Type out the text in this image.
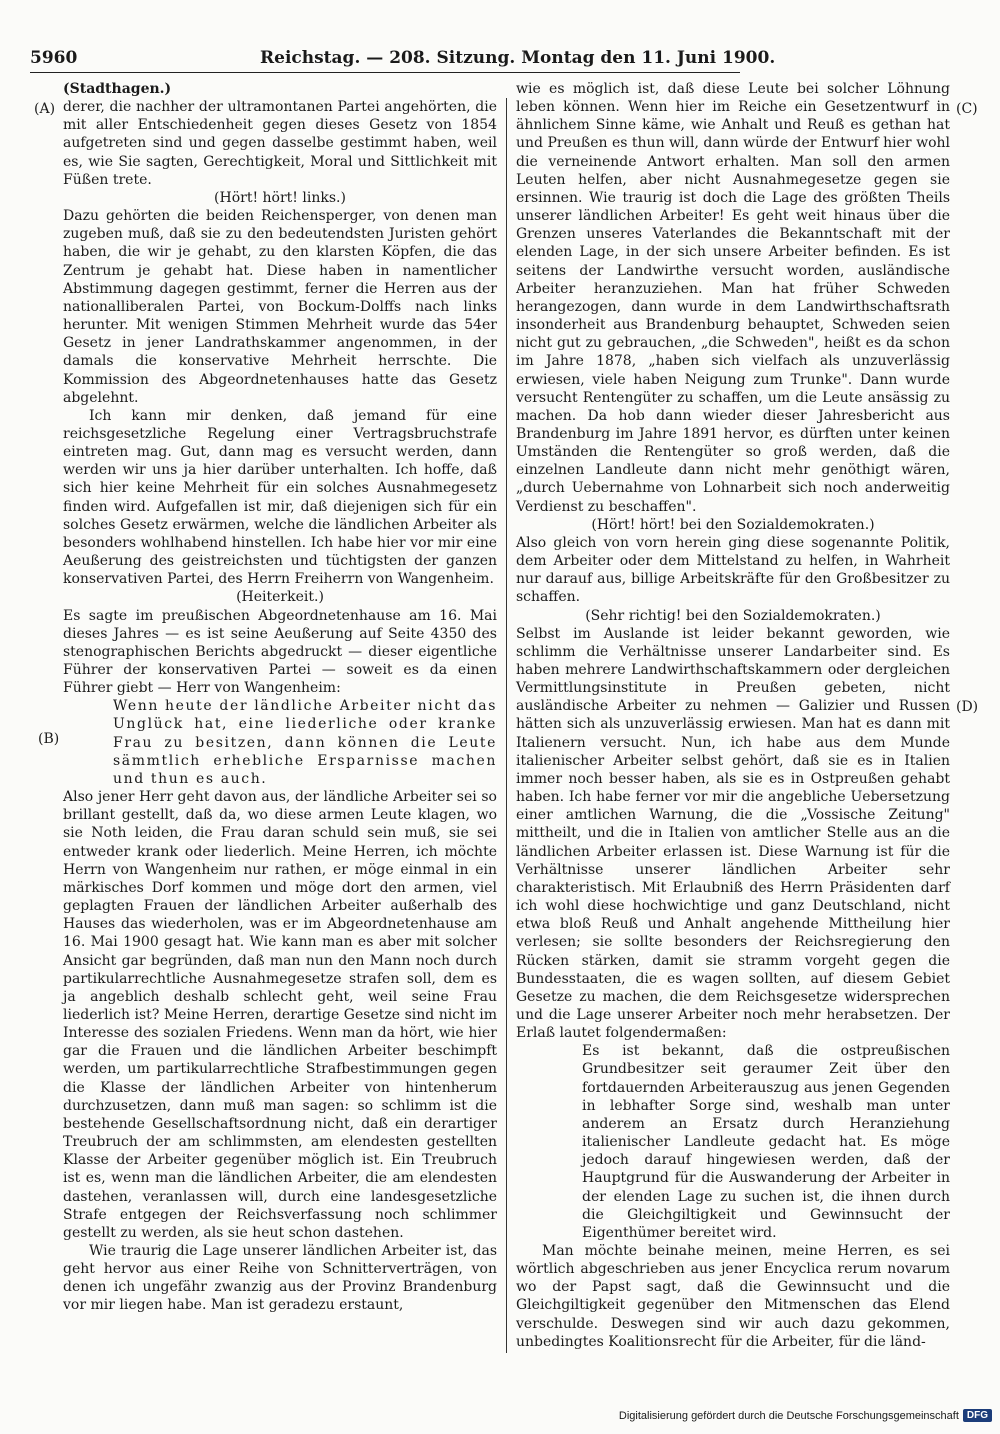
5960	Reichstag. — 208. Sitzung. Montag den 11. Juni 1900.
(A)
(B)
(C)
(D)

(Stadthagen.)

derer, die nachher der ultramontanen Partei angehörten, die mit aller Entschiedenheit gegen dieses Gesetz von 1854 aufgetreten sind und gegen dasselbe gestimmt haben, weil es, wie Sie sagten, Gerechtigkeit, Moral und Sittlichkeit mit Füßen trete.

(Hört! hört! links.)

Dazu gehörten die beiden Reichensperger, von denen man zugeben muß, daß sie zu den bedeutendsten Juristen gehört haben, die wir je gehabt, zu den klarsten Köpfen, die das Zentrum je gehabt hat. Diese haben in namentlicher Abstimmung dagegen gestimmt, ferner die Herren aus der nationalliberalen Partei, von Bockum-Dolffs nach links herunter. Mit wenigen Stimmen Mehrheit wurde das 54er Gesetz in jener Landrathskammer angenommen, in der damals die konservative Mehrheit herrschte. Die Kommission des Abgeordnetenhauses hatte das Gesetz abgelehnt.

Ich kann mir denken, daß jemand für eine reichsgesetzliche Regelung einer Vertragsbruchstrafe eintreten mag. Gut, dann mag es versucht werden, dann werden wir uns ja hier darüber unterhalten. Ich hoffe, daß sich hier keine Mehrheit für ein solches Ausnahmegesetz finden wird. Aufgefallen ist mir, daß diejenigen sich für ein solches Gesetz erwärmen, welche die ländlichen Arbeiter als besonders wohlhabend hinstellen. Ich habe hier vor mir eine Aeußerung des geistreichsten und tüchtigsten der ganzen konservativen Partei, des Herrn Freiherrn von Wangenheim.

(Heiterkeit.)

Es sagte im preußischen Abgeordnetenhause am 16. Mai dieses Jahres — es ist seine Aeußerung auf Seite 4350 des stenographischen Berichts abgedruckt — dieser eigentliche Führer der konservativen Partei — soweit es da einen Führer giebt — Herr von Wangenheim:

Wenn heute der ländliche Arbeiter nicht das Unglück hat, eine liederliche oder kranke Frau zu besitzen, dann können die Leute sämmtlich erhebliche Ersparnisse machen und thun es auch.

Also jener Herr geht davon aus, der ländliche Arbeiter sei so brillant gestellt, daß da, wo diese armen Leute klagen, wo sie Noth leiden, die Frau daran schuld sein muß, sie sei entweder krank oder liederlich. Meine Herren, ich möchte Herrn von Wangenheim nur rathen, er möge einmal in ein märkisches Dorf kommen und möge dort den armen, viel geplagten Frauen der ländlichen Arbeiter außerhalb des Hauses das wiederholen, was er im Abgeordnetenhause am 16. Mai 1900 gesagt hat. Wie kann man es aber mit solcher Ansicht gar begründen, daß man nun den Mann noch durch partikularrechtliche Ausnahmegesetze strafen soll, dem es ja angeblich deshalb schlecht geht, weil seine Frau liederlich ist? Meine Herren, derartige Gesetze sind nicht im Interesse des sozialen Friedens. Wenn man da hört, wie hier gar die Frauen und die ländlichen Arbeiter beschimpft werden, um partikularrechtliche Strafbestimmungen gegen die Klasse der ländlichen Arbeiter von hintenherum durchzusetzen, dann muß man sagen: so schlimm ist die bestehende Gesellschaftsordnung nicht, daß ein derartiger Treubruch der am schlimmsten, am elendesten gestellten Klasse der Arbeiter gegenüber möglich ist. Ein Treubruch ist es, wenn man die ländlichen Arbeiter, die am elendesten dastehen, veranlassen will, durch eine landesgesetzliche Strafe entgegen der Reichsverfassung noch schlimmer gestellt zu werden, als sie heut schon dastehen.

Wie traurig die Lage unserer ländlichen Arbeiter ist, das geht hervor aus einer Reihe von Schnitterverträgen, von denen ich ungefähr zwanzig aus der Provinz Brandenburg vor mir liegen habe. Man ist geradezu erstaunt,

wie es möglich ist, daß diese Leute bei solcher Löhnung leben können. Wenn hier im Reiche ein Gesetzentwurf in ähnlichem Sinne käme, wie Anhalt und Reuß es gethan hat und Preußen es thun will, dann würde der Entwurf hier wohl die verneinende Antwort erhalten. Man soll den armen Leuten helfen, aber nicht Ausnahmegesetze gegen sie ersinnen. Wie traurig ist doch die Lage des größten Theils unserer ländlichen Arbeiter! Es geht weit hinaus über die Grenzen unseres Vaterlandes die Bekanntschaft mit der elenden Lage, in der sich unsere Arbeiter befinden. Es ist seitens der Landwirthe versucht worden, ausländische Arbeiter heranzuziehen. Man hat früher Schweden herangezogen, dann wurde in dem Landwirthschaftsrath insonderheit aus Brandenburg behauptet, Schweden seien nicht gut zu gebrauchen, „die Schweden", heißt es da schon im Jahre 1878, „haben sich vielfach als unzuverlässig erwiesen, viele haben Neigung zum Trunke". Dann wurde versucht Rentengüter zu schaffen, um die Leute ansässig zu machen. Da hob dann wieder dieser Jahresbericht aus Brandenburg im Jahre 1891 hervor, es dürften unter keinen Umständen die Rentengüter so groß werden, daß die einzelnen Landleute dann nicht mehr genöthigt wären, „durch Uebernahme von Lohnarbeit sich noch anderweitig Verdienst zu beschaffen".

(Hört! hört! bei den Sozialdemokraten.)

Also gleich von vorn herein ging diese sogenannte Politik, dem Arbeiter oder dem Mittelstand zu helfen, in Wahrheit nur darauf aus, billige Arbeitskräfte für den Großbesitzer zu schaffen.

(Sehr richtig! bei den Sozialdemokraten.)

Selbst im Auslande ist leider bekannt geworden, wie schlimm die Verhältnisse unserer Landarbeiter sind. Es haben mehrere Landwirthschaftskammern oder dergleichen Vermittlungsinstitute in Preußen gebeten, nicht ausländische Arbeiter zu nehmen — Galizier und Russen hätten sich als unzuverlässig erwiesen. Man hat es dann mit Italienern versucht. Nun, ich habe aus dem Munde italienischer Arbeiter selbst gehört, daß sie es in Italien immer noch besser haben, als sie es in Ostpreußen gehabt haben. Ich habe ferner vor mir die angebliche Uebersetzung einer amtlichen Warnung, die die „Vossische Zeitung" mittheilt, und die in Italien von amtlicher Stelle aus an die ländlichen Arbeiter erlassen ist. Diese Warnung ist für die Verhältnisse unserer ländlichen Arbeiter sehr charakteristisch. Mit Erlaubniß des Herrn Präsidenten darf ich wohl diese hochwichtige und ganz Deutschland, nicht etwa bloß Reuß und Anhalt angehende Mittheilung hier verlesen; sie sollte besonders der Reichsregierung den Rücken stärken, damit sie stramm vorgeht gegen die Bundesstaaten, die es wagen sollten, auf diesem Gebiet Gesetze zu machen, die dem Reichsgesetze widersprechen und die Lage unserer Arbeiter noch mehr herabsetzen. Der Erlaß lautet folgendermaßen:

Es ist bekannt, daß die ostpreußischen Grundbesitzer seit geraumer Zeit über den fortdauernden Arbeiterauszug aus jenen Gegenden in lebhafter Sorge sind, weshalb man unter anderem an Ersatz durch Heranziehung italienischer Landleute gedacht hat. Es möge jedoch darauf hingewiesen werden, daß der Hauptgrund für die Auswanderung der Arbeiter in der elenden Lage zu suchen ist, die ihnen durch die Gleichgiltigkeit und Gewinnsucht der Eigenthümer bereitet wird.

Man möchte beinahe meinen, meine Herren, es sei wörtlich abgeschrieben aus jener Encyclica rerum novarum wo der Papst sagt, daß die Gewinnsucht und die Gleichgiltigkeit gegenüber den Mitmenschen das Elend verschulde. Deswegen sind wir auch dazu gekommen, unbedingtes Koalitionsrecht für die Arbeiter, für die länd-

Digitalisierung gefördert durch die Deutsche Forschungsgemeinschaft DFG
